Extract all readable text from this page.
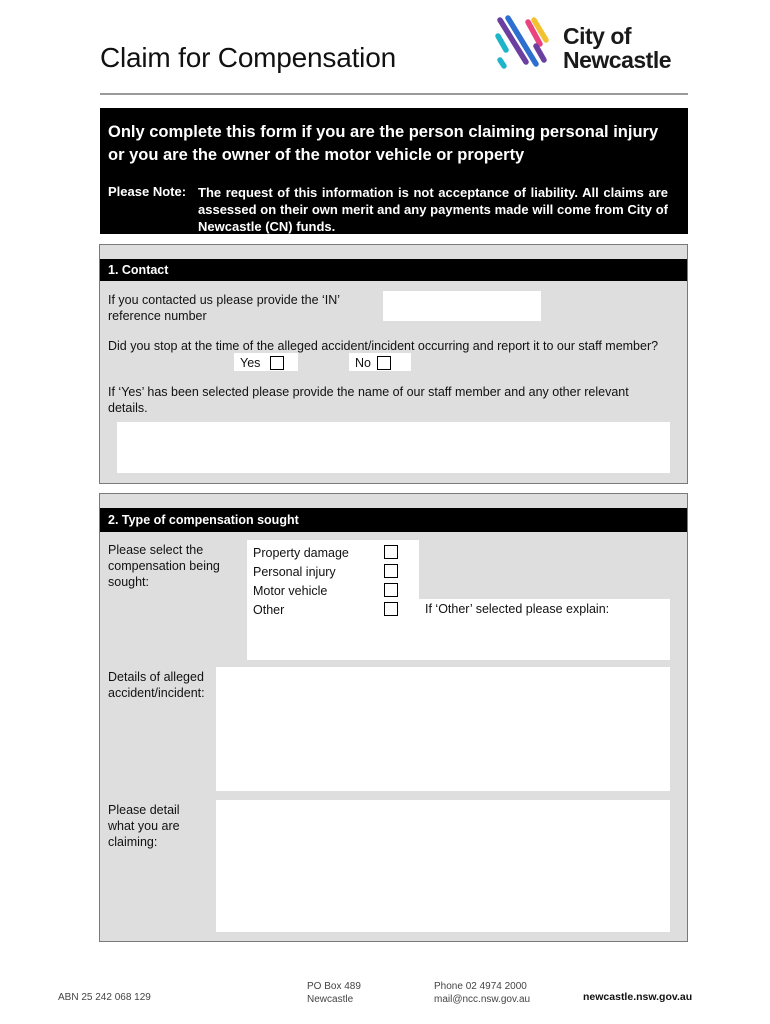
Claim for Compensation
City of
Newcastle
Only complete this form if you are the person claiming personal injury or you are the owner of the motor vehicle or property
Please Note: The request of this information is not acceptance of liability. All claims are assessed on their own merit and any payments made will come from City of Newcastle (CN) funds.
1. Contact
If you contacted us please provide the ‘IN’ reference number
Did you stop at the time of the alleged accident/incident occurring and report it to our staff member?
Yes	No
If ‘Yes’ has been selected please provide the name of our staff member and any other relevant details.
2. Type of compensation sought
Please select the compensation being sought:
Property damage
Personal injury
Motor vehicle
Other	If ‘Other’ selected please explain:
Details of alleged accident/incident:
Please detail what you are claiming:
ABN 25 242 068 129
PO Box 489
Newcastle
Phone 02 4974 2000
mail@ncc.nsw.gov.au	newcastle.nsw.gov.au
